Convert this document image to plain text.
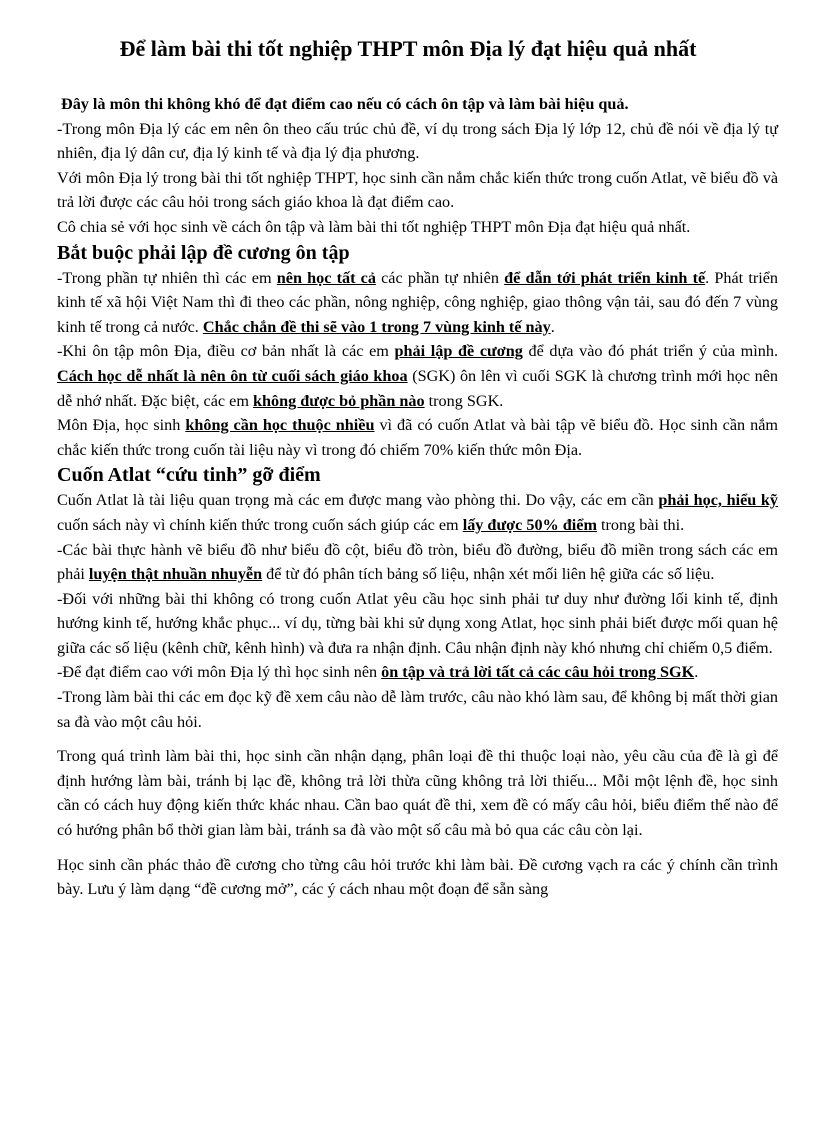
Để làm bài thi tốt nghiệp THPT môn Địa lý đạt hiệu quả nhất

Đây là môn thi không khó để đạt điểm cao nếu có cách ôn tập và làm bài hiệu quả.

-Trong môn Địa lý các em nên ôn theo cấu trúc chủ đề, ví dụ trong sách Địa lý lớp 12, chủ đề nói về địa lý tự nhiên, địa lý dân cư, địa lý kinh tế và địa lý địa phương.

Với môn Địa lý trong bài thi tốt nghiệp THPT, học sinh cần nắm chắc kiến thức trong cuốn Atlat, vẽ biểu đồ và trả lời được các câu hỏi trong sách giáo khoa là đạt điểm cao.

Cô chia sẻ với học sinh về cách ôn tập và làm bài thi tốt nghiệp THPT môn Địa đạt hiệu quả nhất.

Bắt buộc phải lập đề cương ôn tập

-Trong phần tự nhiên thì các em nên học tất cả các phần tự nhiên để dẫn tới phát triển kinh tế. Phát triển kinh tế xã hội Việt Nam thì đi theo các phần, nông nghiệp, công nghiệp, giao thông vận tải, sau đó đến 7 vùng kinh tế trong cả nước. Chắc chắn đề thi sẽ vào 1 trong 7 vùng kinh tế này.

-Khi ôn tập môn Địa, điều cơ bản nhất là các em phải lập đề cương để dựa vào đó phát triển ý của mình. Cách học dễ nhất là nên ôn từ cuối sách giáo khoa (SGK) ôn lên vì cuối SGK là chương trình mới học nên dễ nhớ nhất. Đặc biệt, các em không được bỏ phần nào trong SGK.

Môn Địa, học sinh không cần học thuộc nhiều vì đã có cuốn Atlat và bài tập vẽ biểu đồ. Học sinh cần nắm chắc kiến thức trong cuốn tài liệu này vì trong đó chiếm 70% kiến thức môn Địa.

Cuốn Atlat “cứu tinh” gỡ điểm

Cuốn Atlat là tài liệu quan trọng mà các em được mang vào phòng thi. Do vậy, các em cần phải học, hiểu kỹ cuốn sách này vì chính kiến thức trong cuốn sách giúp các em lấy được 50% điểm trong bài thi.

-Các bài thực hành vẽ biểu đồ như biểu đồ cột, biểu đồ tròn, biểu đồ đường, biểu đồ miền trong sách các em phải luyện thật nhuần nhuyễn để từ đó phân tích bảng số liệu, nhận xét mối liên hệ giữa các số liệu.

-Đối với những bài thi không có trong cuốn Atlat yêu cầu học sinh phải tư duy như đường lối kinh tế, định hướng kinh tế, hướng khắc phục... ví dụ, từng bài khi sử dụng xong Atlat, học sinh phải biết được mối quan hệ giữa các số liệu (kênh chữ, kênh hình) và đưa ra nhận định. Câu nhận định này khó nhưng chỉ chiếm 0,5 điểm.

-Để đạt điểm cao với môn Địa lý thì học sinh nên ôn tập và trả lời tất cả các câu hỏi trong SGK.

-Trong làm bài thi các em đọc kỹ đề xem câu nào dễ làm trước, câu nào khó làm sau, để không bị mất thời gian sa đà vào một câu hỏi.

Trong quá trình làm bài thi, học sinh cần nhận dạng, phân loại đề thi thuộc loại nào, yêu cầu của đề là gì để định hướng làm bài, tránh bị lạc đề, không trả lời thừa cũng không trả lời thiếu... Mỗi một lệnh đề, học sinh cần có cách huy động kiến thức khác nhau. Cần bao quát đề thi, xem đề có mấy câu hỏi, biểu điểm thế nào để có hướng phân bổ thời gian làm bài, tránh sa đà vào một số câu mà bỏ qua các câu còn lại.

Học sinh cần phác thảo đề cương cho từng câu hỏi trước khi làm bài. Đề cương vạch ra các ý chính cần trình bày. Lưu ý làm dạng “đề cương mở”, các ý cách nhau một đoạn để sẵn sàng
